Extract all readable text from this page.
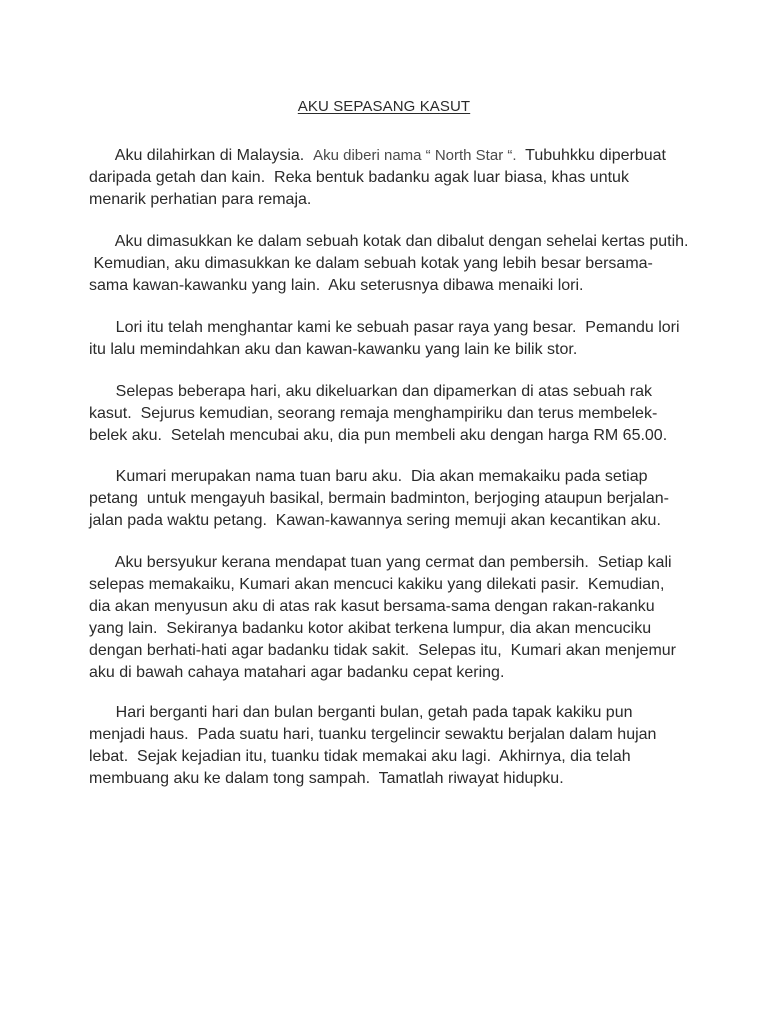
AKU SEPASANG KASUT
Aku dilahirkan di Malaysia.  Aku diberi nama “ North Star “.  Tubuhkku diperbuat
daripada getah dan kain.  Reka bentuk badanku agak luar biasa, khas untuk
menarik perhatian para remaja.
Aku dimasukkan ke dalam sebuah kotak dan dibalut dengan sehelai kertas putih.
Kemudian, aku dimasukkan ke dalam sebuah kotak yang lebih besar bersama-
sama kawan-kawanku yang lain.  Aku seterusnya dibawa menaiki lori.
Lori itu telah menghantar kami ke sebuah pasar raya yang besar.  Pemandu lori
itu lalu memindahkan aku dan kawan-kawanku yang lain ke bilik stor.
Selepas beberapa hari, aku dikeluarkan dan dipamerkan di atas sebuah rak
kasut.  Sejurus kemudian, seorang remaja menghampiriku dan terus membelek-
belek aku.  Setelah mencubai aku, dia pun membeli aku dengan harga RM 65.00.
Kumari merupakan nama tuan baru aku.  Dia akan memakaiku pada setiap
petang  untuk mengayuh basikal, bermain badminton, berjoging ataupun berjalan-
jalan pada waktu petang.  Kawan-kawannya sering memuji akan kecantikan aku.
Aku bersyukur kerana mendapat tuan yang cermat dan pembersih.  Setiap kali
selepas memakaiku, Kumari akan mencuci kakiku yang dilekati pasir.  Kemudian,
dia akan menyusun aku di atas rak kasut bersama-sama dengan rakan-rakanku
yang lain.  Sekiranya badanku kotor akibat terkena lumpur, dia akan mencuciku
dengan berhati-hati agar badanku tidak sakit.  Selepas itu,  Kumari akan menjemur
aku di bawah cahaya matahari agar badanku cepat kering.
Hari berganti hari dan bulan berganti bulan, getah pada tapak kakiku pun
menjadi haus.  Pada suatu hari, tuanku tergelincir sewaktu berjalan dalam hujan
lebat.  Sejak kejadian itu, tuanku tidak memakai aku lagi.  Akhirnya, dia telah
membuang aku ke dalam tong sampah.  Tamatlah riwayat hidupku.
